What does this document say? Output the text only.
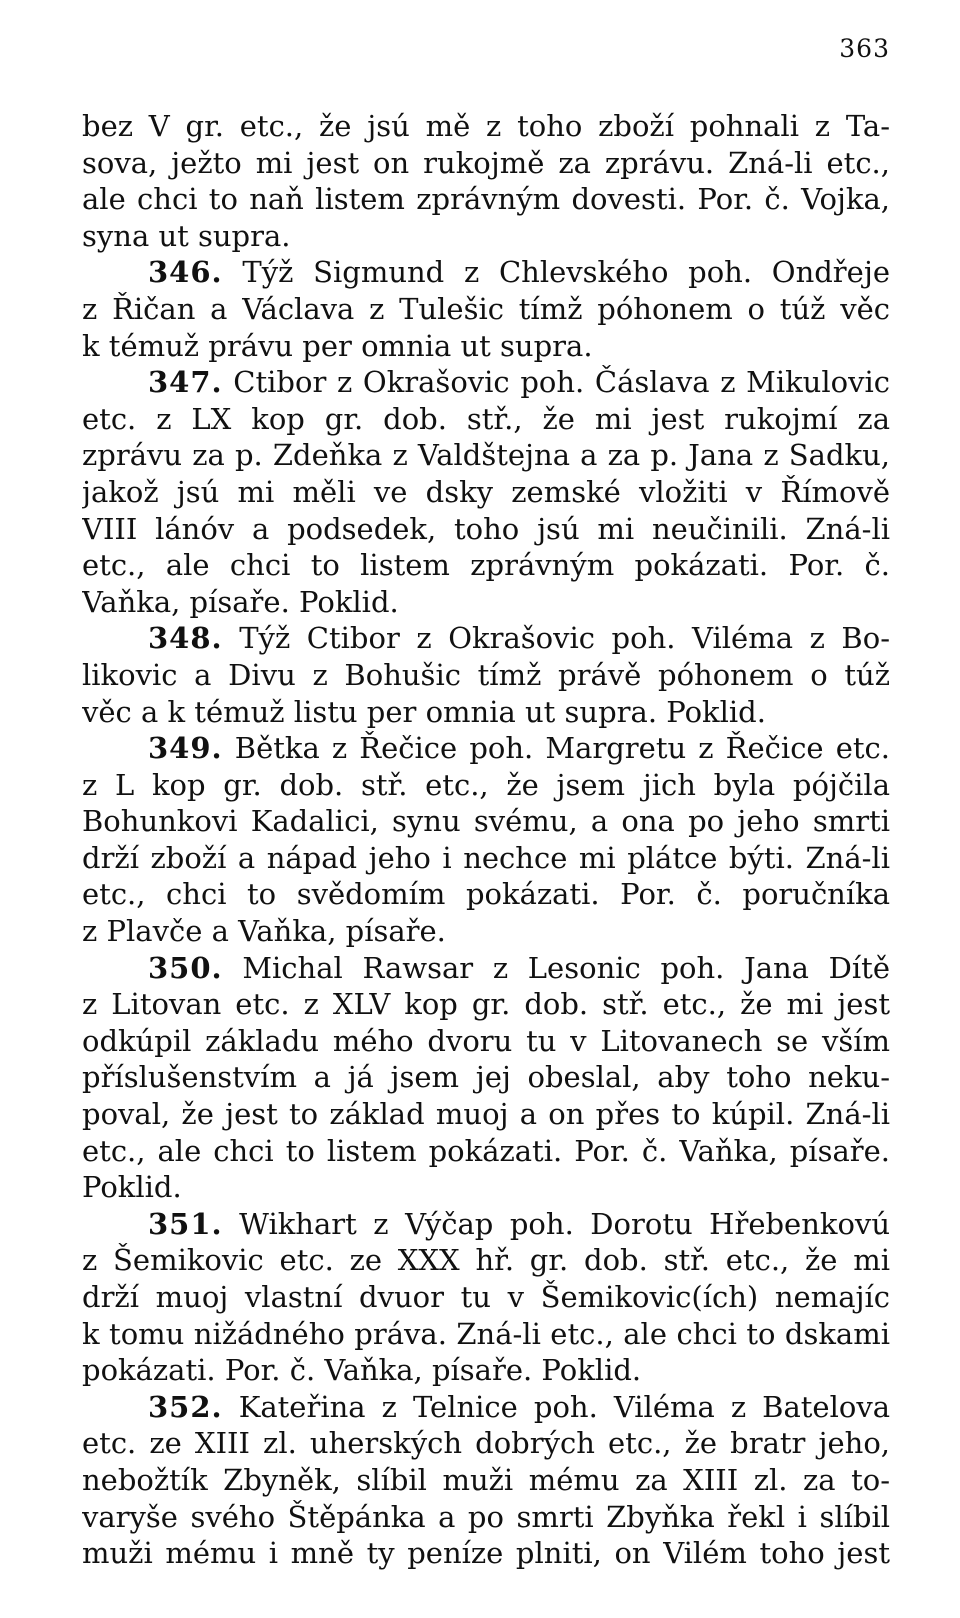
363
bez V gr. etc., že jsú mě z toho zboží pohnali z Ta-
sova, ježto mi jest on rukojmě za zprávu. Zná-li etc.,
ale chci to naň listem zprávným dovesti. Por. č. Vojka,
syna ut supra.
346. Týž Sigmund z Chlevského poh. Ondřeje
z Řičan a Václava z Tulešic tímž póhonem o túž věc
k témuž právu per omnia ut supra.
347. Ctibor z Okrašovic poh. Čáslava z Mikulovic
etc. z LX kop gr. dob. stř., že mi jest rukojmí za
zprávu za p. Zdeňka z Valdštejna a za p. Jana z Sadku,
jakož jsú mi měli ve dsky zemské vložiti v Římově
VIII lánóv a podsedek, toho jsú mi neučinili. Zná-li
etc., ale chci to listem zprávným pokázati. Por. č.
Vaňka, písaře. Poklid.
348. Týž Ctibor z Okrašovic poh. Viléma z Bo-
likovic a Divu z Bohušic tímž právě póhonem o túž
věc a k témuž listu per omnia ut supra. Poklid.
349. Bětka z Řečice poh. Margretu z Řečice etc.
z L kop gr. dob. stř. etc., že jsem jich byla pójčila
Bohunkovi Kadalici, synu svému, a ona po jeho smrti
drží zboží a nápad jeho i nechce mi plátce býti. Zná-li
etc., chci to svědomím pokázati. Por. č. poručníka
z Plavče a Vaňka, písaře.
350. Michal Rawsar z Lesonic poh. Jana Dítě
z Litovan etc. z XLV kop gr. dob. stř. etc., že mi jest
odkúpil základu mého dvoru tu v Litovanech se vším
příslušenstvím a já jsem jej obeslal, aby toho neku-
poval, že jest to základ muoj a on přes to kúpil. Zná-li
etc., ale chci to listem pokázati. Por. č. Vaňka, písaře.
Poklid.
351. Wikhart z Výčap poh. Dorotu Hřebenkovú
z Šemikovic etc. ze XXX hř. gr. dob. stř. etc., že mi
drží muoj vlastní dvuor tu v Šemikovic(ích) nemajíc
k tomu nižádného práva. Zná-li etc., ale chci to dskami
pokázati. Por. č. Vaňka, písaře. Poklid.
352. Kateřina z Telnice poh. Viléma z Batelova
etc. ze XIII zl. uherských dobrých etc., že bratr jeho,
nebožtík Zbyněk, slíbil muži mému za XIII zl. za to-
varyše svého Štěpánka a po smrti Zbyňka řekl i slíbil
muži mému i mně ty peníze plniti, on Vilém toho jest
